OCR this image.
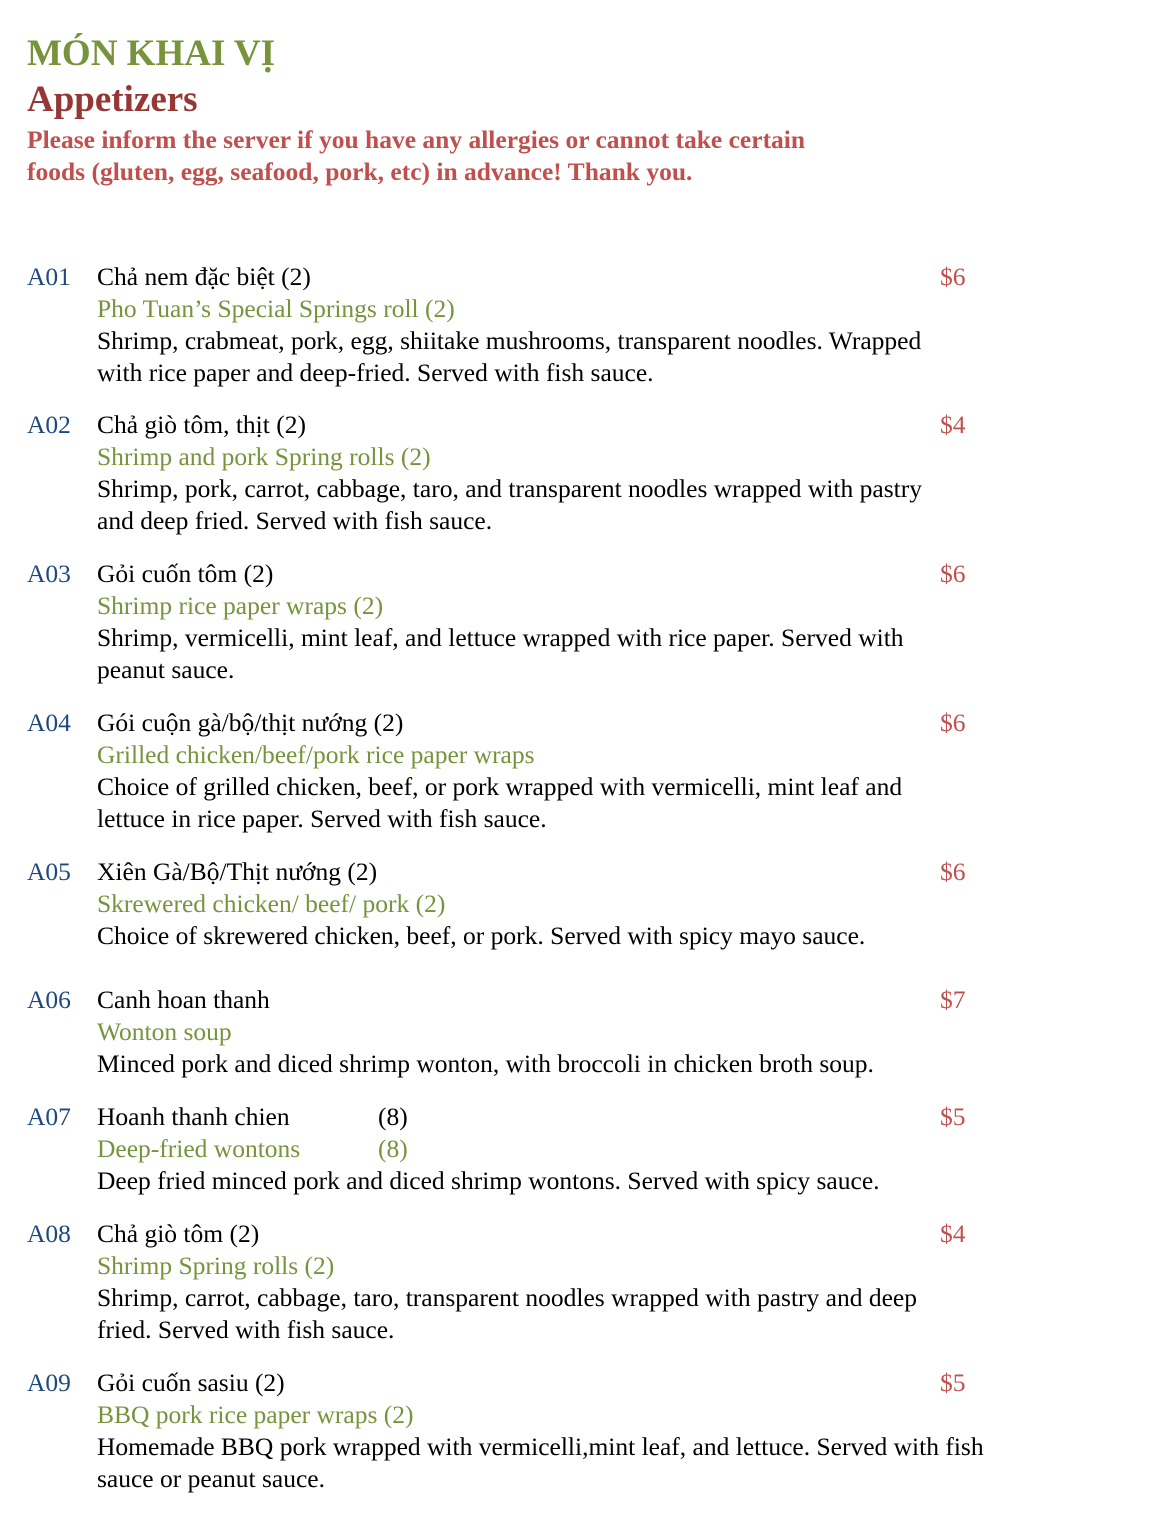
MÓN KHAI VỊ
Appetizers

Please inform the server if you have any allergies or cannot take certain
foods (gluten, egg, seafood, pork, etc) in advance! Thank you.

A01 Chả nem đặc biệt (2)	$6
Pho Tuan’s Special Springs roll (2)

Shrimp, crabmeat, pork, egg, shiitake mushrooms, transparent noodles. Wrapped
with rice paper and deep-fried. Served with fish sauce.

A02 Chả giò tôm, thịt (2)	$4
Shrimp and pork Spring rolls (2)

Shrimp, pork, carrot, cabbage, taro, and transparent noodles wrapped with pastry
and deep fried. Served with fish sauce.

A03 Gỏi cuốn tôm (2)	$6
Shrimp rice paper wraps (2)

Shrimp, vermicelli, mint leaf, and lettuce wrapped with rice paper. Served with
peanut sauce.

A04 Gói cuộn gà/bộ/thịt nướng (2)	$6
Grilled chicken/beef/pork rice paper wraps

Choice of grilled chicken, beef, or pork wrapped with vermicelli, mint leaf and
lettuce in rice paper. Served with fish sauce.

A05 Xiên Gà/Bộ/Thịt nướng (2)	$6
Skrewered chicken/ beef/ pork (2)

Choice of skrewered chicken, beef, or pork. Served with spicy mayo sauce.

A06 Canh hoan thanh	$7
Wonton soup

Minced pork and diced shrimp wonton, with broccoli in chicken broth soup.

A07 Hoanh thanh chien	(8)	$5
Deep-fried wontons	(8)

Deep fried minced pork and diced shrimp wontons. Served with spicy sauce.

A08 Chả giò tôm (2)	$4
Shrimp Spring rolls (2)

Shrimp, carrot, cabbage, taro, transparent noodles wrapped with pastry and deep
fried. Served with fish sauce.

A09 Gỏi cuốn sasiu (2)	$5
BBQ pork rice paper wraps (2)

Homemade BBQ pork wrapped with vermicelli,mint leaf, and lettuce. Served with fish
sauce or peanut sauce.
